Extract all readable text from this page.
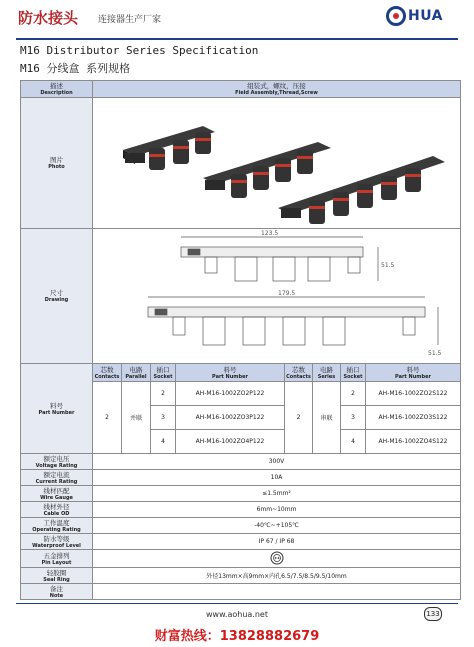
防水接头 连接器生产厂家	HUA
M16 Distributor Series Specification
M16 分线盒 系列规格
描述
Description	组装式，螺纹，压接
Field Assembly,Thread,Screw							

图片
Photo

尺寸
Drawing	123.5
51.5
179.5
51.5							

料号
Part Number	芯数
Contacts	电路
Parallel	插口
Socket	料号
Part Number	芯数
Contacts	电路
Series	插口
Socket	料号
Part Number

	2	并联	2	AH-M16-1002ZO2P122	2	串联	2	AH-M16-1002ZO2S122
			3	AH-M16-1002ZO3P122			3	AH-M16-1002ZO3S122
			4	AH-M16-1002ZO4P122			4	AH-M16-1002ZO4S122

额定电压
Voltage Rating	300V							

额定电流
Current Rating	10A							

线材匹配
Wire Gauge	≤1.5mm²							

线材外径
Cable OD	6mm~10mm							

工作温度
Operating Rating	-40℃~+105℃							

防水等级
Waterproof Level	IP 67 / IP 68							

五金排列
Pin Layout

轻胶圈
Seal Ring	外径13mm×高9mm×内孔6.5/7.5/8.5/9.5/10mm							

备注
Note								

www.aohua.net	133
财富热线：13828882679
